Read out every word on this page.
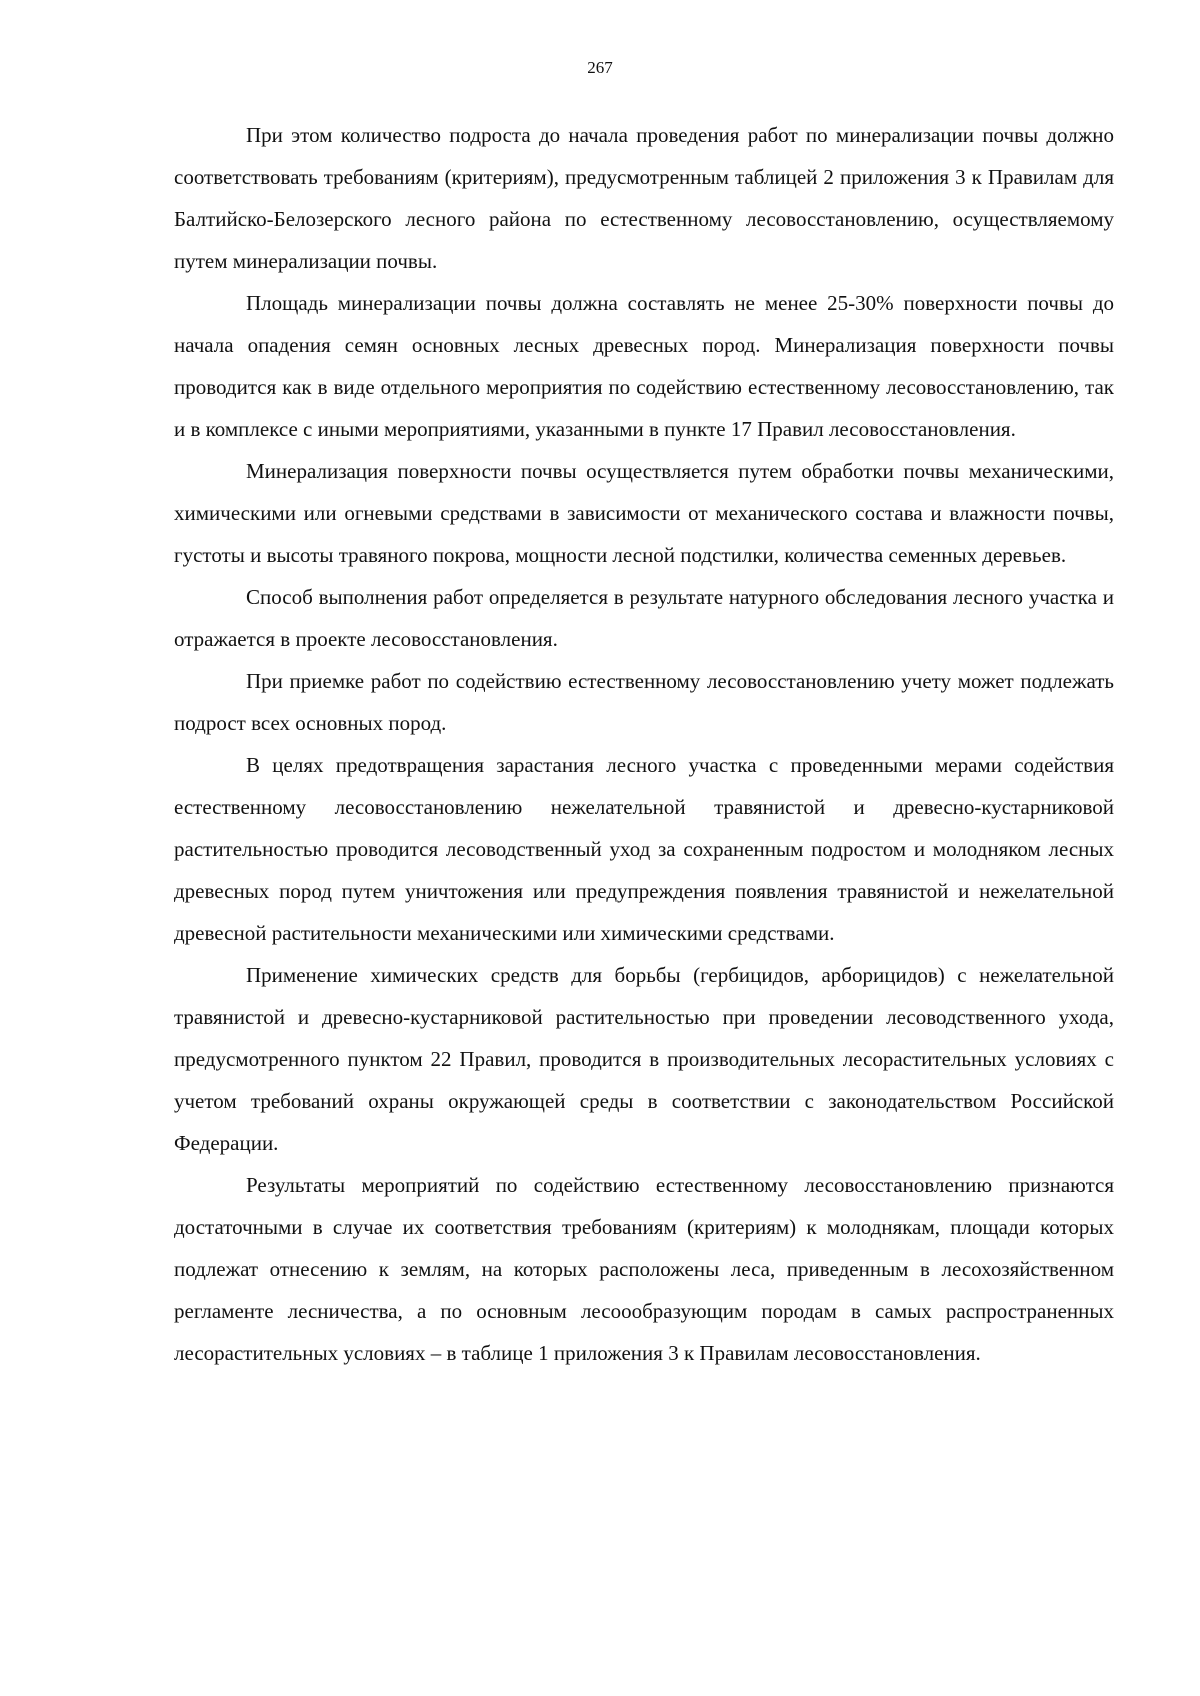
267

При этом количество подроста до начала проведения работ по минерализации почвы должно соответствовать требованиям (критериям), предусмотренным таблицей 2 приложения 3 к Правилам для Балтийско-Белозерского лесного района по естественному лесовосстановлению, осуществляемому путем минерализации почвы.

Площадь минерализации почвы должна составлять не менее 25-30% поверхности почвы до начала опадения семян основных лесных древесных пород. Минерализация поверхности почвы проводится как в виде отдельного мероприятия по содействию естественному лесовосстановлению, так и в комплексе с иными мероприятиями, указанными в пункте 17 Правил лесовосстановления.

Минерализация поверхности почвы осуществляется путем обработки почвы механическими, химическими или огневыми средствами в зависимости от механического состава и влажности почвы, густоты и высоты травяного покрова, мощности лесной подстилки, количества семенных деревьев.

Способ выполнения работ определяется в результате натурного обследования лесного участка и отражается в проекте лесовосстановления.

При приемке работ по содействию естественному лесовосстановлению учету может подлежать подрост всех основных пород.

В целях предотвращения зарастания лесного участка с проведенными мерами содействия естественному лесовосстановлению нежелательной травянистой и древесно-кустарниковой растительностью проводится лесоводственный уход за сохраненным подростом и молодняком лесных древесных пород путем уничтожения или предупреждения появления травянистой и нежелательной древесной растительности механическими или химическими средствами.

Применение химических средств для борьбы (гербицидов, арборицидов) с нежелательной травянистой и древесно-кустарниковой растительностью при проведении лесоводственного ухода, предусмотренного пунктом 22 Правил, проводится в производительных лесорастительных условиях с учетом требований охраны окружающей среды в соответствии с законодательством Российской Федерации.

Результаты мероприятий по содействию естественному лесовосстановлению признаются достаточными в случае их соответствия требованиям (критериям) к молоднякам, площади которых подлежат отнесению к землям, на которых расположены леса, приведенным в лесохозяйственном регламенте лесничества, а по основным лесоообразующим породам в самых распространенных лесорастительных условиях – в таблице 1 приложения 3 к Правилам лесовосстановления.
